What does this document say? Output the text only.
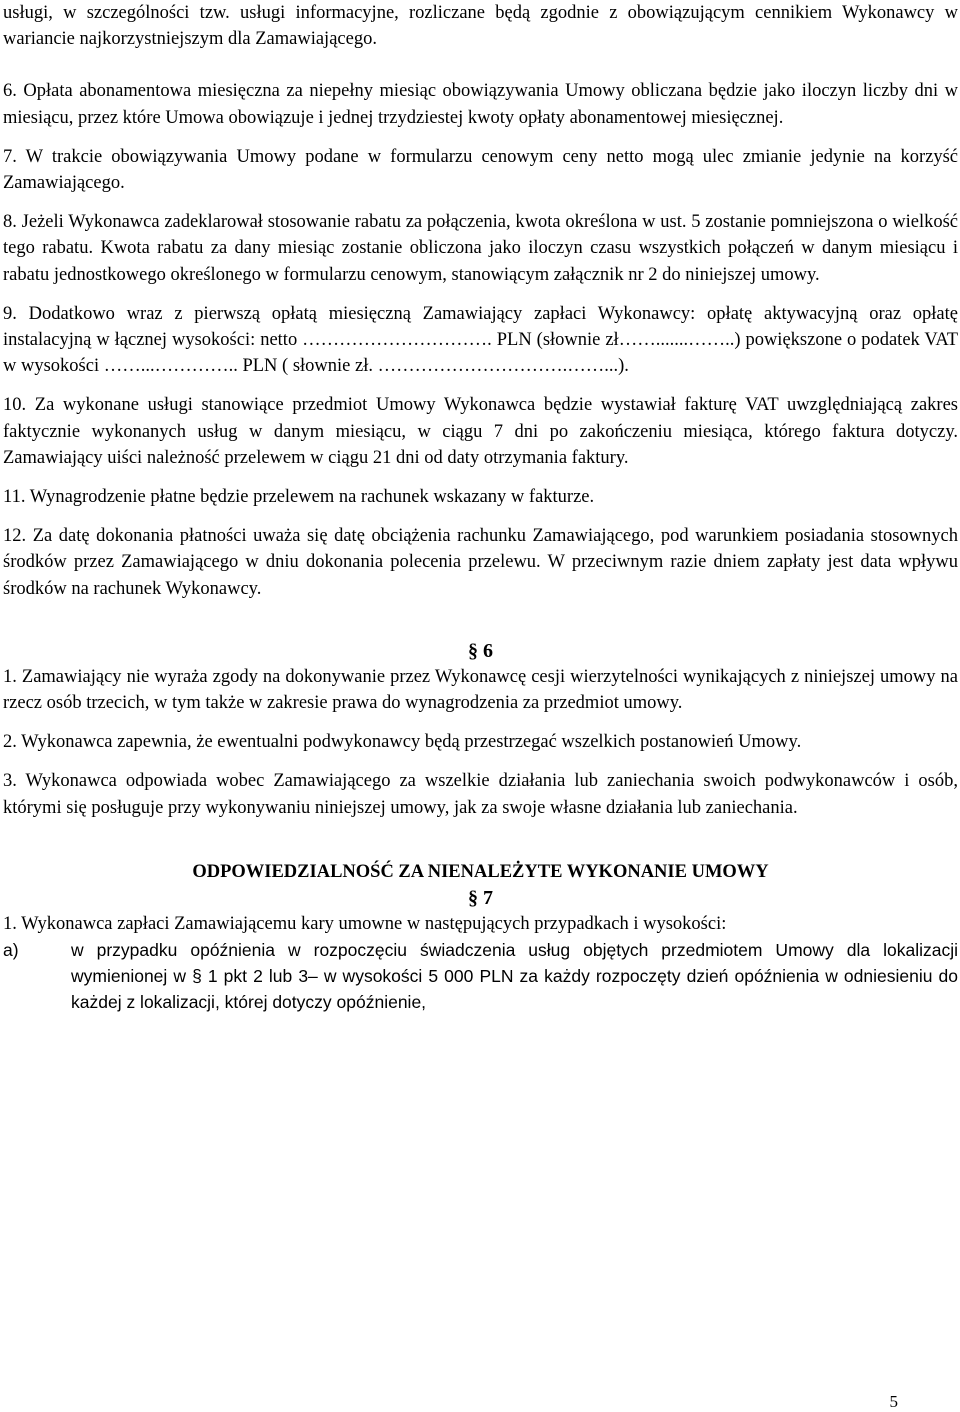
usługi, w szczególności tzw. usługi informacyjne, rozliczane będą zgodnie z obowiązującym cennikiem Wykonawcy w wariancie najkorzystniejszym dla Zamawiającego.

6. Opłata abonamentowa miesięczna za niepełny miesiąc obowiązywania Umowy obliczana będzie jako iloczyn liczby dni w miesiącu, przez które Umowa obowiązuje i jednej trzydziestej kwoty opłaty abonamentowej miesięcznej.

7. W trakcie obowiązywania Umowy podane w formularzu cenowym ceny netto mogą ulec zmianie jedynie na korzyść Zamawiającego.

8. Jeżeli Wykonawca zadeklarował stosowanie rabatu za połączenia, kwota określona w ust. 5 zostanie pomniejszona o wielkość tego rabatu. Kwota rabatu za dany miesiąc zostanie obliczona jako iloczyn czasu wszystkich połączeń w danym miesiącu i rabatu jednostkowego określonego w formularzu cenowym, stanowiącym załącznik nr 2 do niniejszej umowy.

9. Dodatkowo wraz z pierwszą opłatą miesięczną Zamawiający zapłaci Wykonawcy: opłatę aktywacyjną oraz opłatę instalacyjną w łącznej wysokości: netto …………………………. PLN (słownie zł…….......……..) powiększone o podatek VAT w wysokości ……...………….. PLN ( słownie zł. ………………………….……...).

10. Za wykonane usługi stanowiące przedmiot Umowy Wykonawca będzie wystawiał fakturę VAT uwzględniającą zakres faktycznie wykonanych usług w danym miesiącu, w ciągu 7 dni po zakończeniu miesiąca, którego faktura dotyczy. Zamawiający uiści należność przelewem w ciągu 21 dni od daty otrzymania faktury.

11. Wynagrodzenie płatne będzie przelewem na rachunek wskazany w fakturze.

12. Za datę dokonania płatności uważa się datę obciążenia rachunku Zamawiającego, pod warunkiem posiadania stosownych środków przez Zamawiającego w dniu dokonania polecenia przelewu. W przeciwnym razie dniem zapłaty jest data wpływu środków na rachunek Wykonawcy.

§ 6

1. Zamawiający nie wyraża zgody na dokonywanie przez Wykonawcę cesji wierzytelności wynikających z niniejszej umowy na rzecz osób trzecich, w tym także w zakresie prawa do wynagrodzenia za przedmiot umowy.

2. Wykonawca zapewnia, że ewentualni podwykonawcy będą przestrzegać wszelkich postanowień Umowy.

3. Wykonawca odpowiada wobec Zamawiającego za wszelkie działania lub zaniechania swoich podwykonawców i osób, którymi się posługuje przy wykonywaniu niniejszej umowy, jak za swoje własne działania lub zaniechania.

ODPOWIEDZIALNOŚĆ ZA NIENALEŻYTE WYKONANIE UMOWY
§ 7

1. Wykonawca zapłaci Zamawiającemu kary umowne w następujących przypadkach i wysokości:

a)	w przypadku opóźnienia w rozpoczęciu świadczenia usług objętych przedmiotem Umowy dla lokalizacji wymienionej w § 1 pkt 2 lub 3– w wysokości 5 000 PLN za każdy rozpoczęty dzień opóźnienia w odniesieniu do każdej z lokalizacji, której dotyczy opóźnienie,
5
